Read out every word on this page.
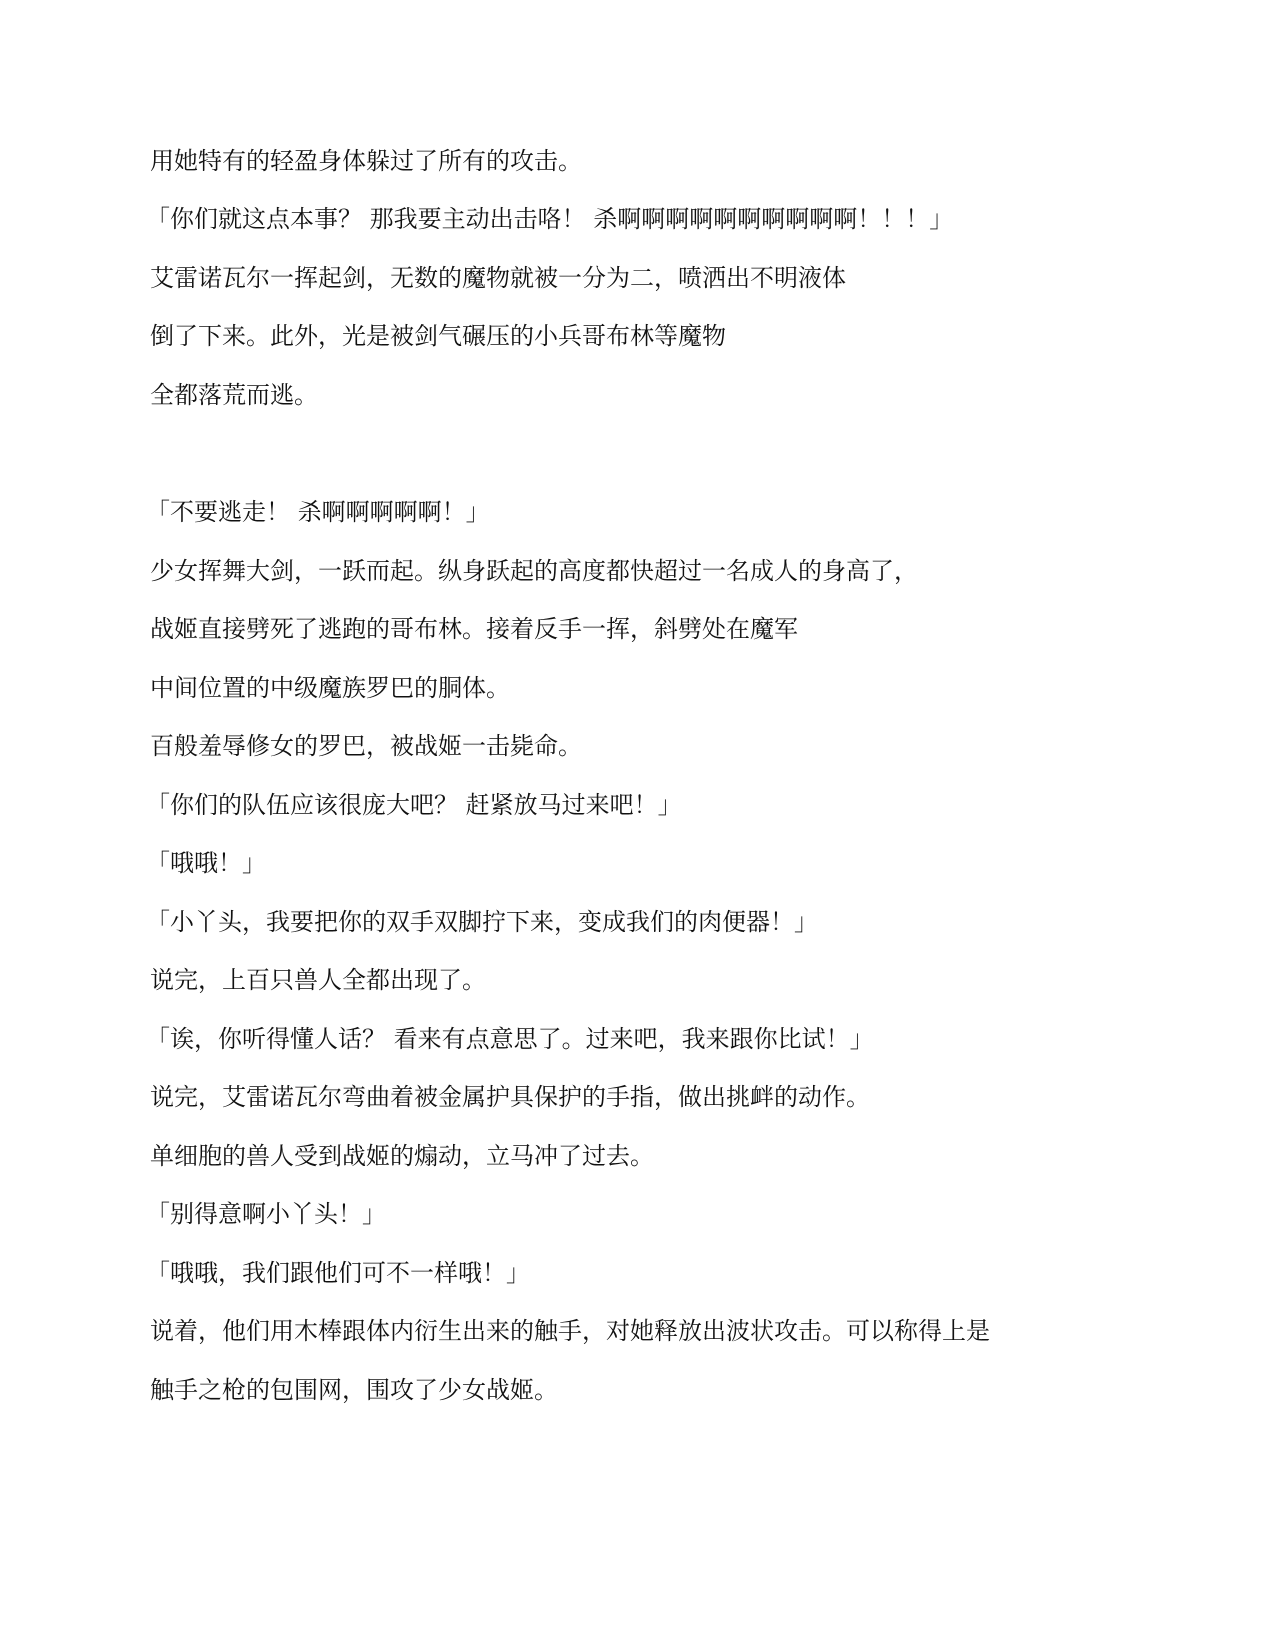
用她特有的轻盈身体躲过了所有的攻击。
「你们就这点本事？ 那我要主动出击咯！ 杀啊啊啊啊啊啊啊啊啊啊！！！」
艾雷诺瓦尔一挥起剑，无数的魔物就被一分为二，喷洒出不明液体
倒了下来。此外，光是被剑气碾压的小兵哥布林等魔物
全都落荒而逃。
「不要逃走！ 杀啊啊啊啊啊！」
少女挥舞大剑，一跃而起。纵身跃起的高度都快超过一名成人的身高了，
战姬直接劈死了逃跑的哥布林。接着反手一挥，斜劈处在魔军
中间位置的中级魔族罗巴的胴体。
百般羞辱修女的罗巴，被战姬一击毙命。
「你们的队伍应该很庞大吧？ 赶紧放马过来吧！」
「哦哦！」
「小丫头，我要把你的双手双脚拧下来，变成我们的肉便器！」
说完，上百只兽人全都出现了。
「诶，你听得懂人话？ 看来有点意思了。过来吧，我来跟你比试！」
说完，艾雷诺瓦尔弯曲着被金属护具保护的手指，做出挑衅的动作。
单细胞的兽人受到战姬的煽动，立马冲了过去。
「别得意啊小丫头！」
「哦哦，我们跟他们可不一样哦！」
说着，他们用木棒跟体内衍生出来的触手，对她释放出波状攻击。可以称得上是
触手之枪的包围网，围攻了少女战姬。
